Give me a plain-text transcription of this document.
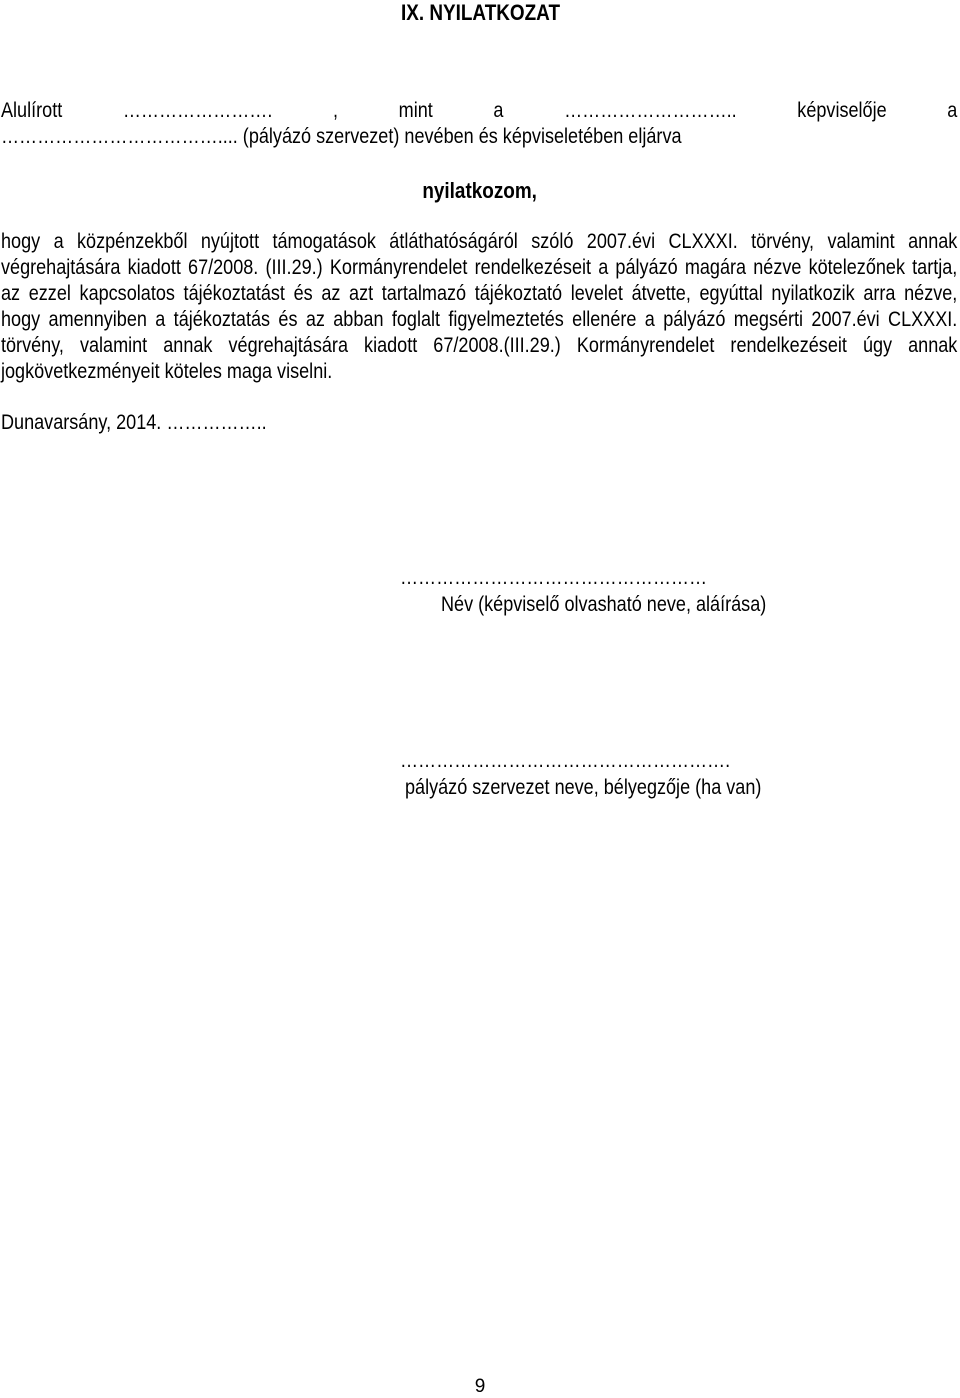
IX. NYILATKOZAT
Alulírott	…………………….	,	mint	a	………………………..	képviselője	a
……………………………….... (pályázó szervezet) nevében és képviseletében eljárva
nyilatkozom,
hogy a közpénzekből nyújtott támogatások átláthatóságáról szóló 2007.évi CLXXXI. törvény, valamint annak
végrehajtására kiadott 67/2008. (III.29.) Kormányrendelet rendelkezéseit a pályázó magára nézve kötelezőnek tartja,
az ezzel kapcsolatos tájékoztatást és az azt tartalmazó tájékoztató levelet átvette, egyúttal nyilatkozik arra nézve,
hogy amennyiben a tájékoztatás és az abban foglalt figyelmeztetés ellenére a pályázó megsérti 2007.évi CLXXXI.
törvény, valamint annak végrehajtására kiadott 67/2008.(III.29.) Kormányrendelet rendelkezéseit úgy annak
jogkövetkezményeit köteles maga viselni.
Dunavarsány, 2014. ……………..
……………………………………………
Név (képviselő olvasható neve, aláírása)
……………………………………………….
pályázó szervezet neve, bélyegzője (ha van)
9
